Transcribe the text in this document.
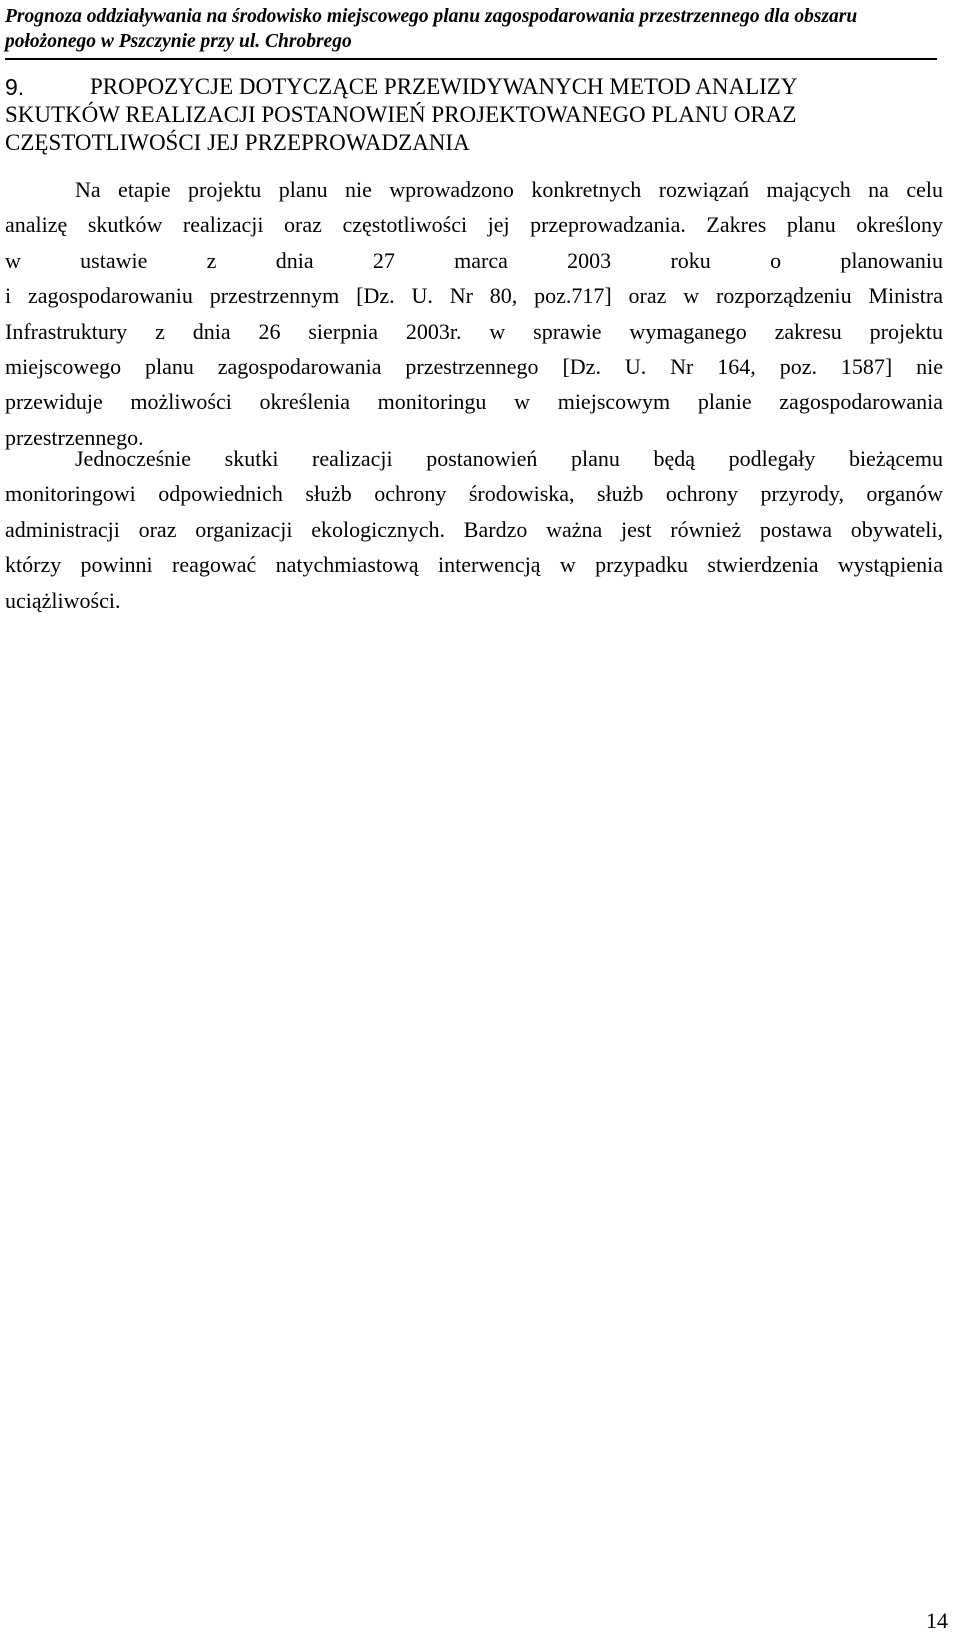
Prognoza oddziaływania na środowisko miejscowego planu zagospodarowania przestrzennego dla obszaru
położonego w Pszczynie przy ul. Chrobrego
9.	PROPOZYCJE DOTYCZĄCE PRZEWIDYWANYCH METOD ANALIZY
SKUTKÓW REALIZACJI POSTANOWIEŃ PROJEKTOWANEGO PLANU ORAZ
CZĘSTOTLIWOŚCI JEJ PRZEPROWADZANIA
Na etapie projektu planu nie wprowadzono konkretnych rozwiązań mających na celu
analizę skutków realizacji oraz częstotliwości jej przeprowadzania. Zakres planu określony
w ustawie z dnia 27 marca 2003 roku o planowaniu
i zagospodarowaniu przestrzennym [Dz. U. Nr 80, poz.717] oraz w rozporządzeniu Ministra
Infrastruktury z dnia 26 sierpnia 2003r. w sprawie wymaganego zakresu projektu
miejscowego planu zagospodarowania przestrzennego [Dz. U. Nr 164, poz. 1587] nie
przewiduje możliwości określenia monitoringu w miejscowym planie zagospodarowania
przestrzennego.
Jednocześnie skutki realizacji postanowień planu będą podlegały bieżącemu
monitoringowi odpowiednich służb ochrony środowiska, służb ochrony przyrody, organów
administracji oraz organizacji ekologicznych. Bardzo ważna jest również postawa obywateli,
którzy powinni reagować natychmiastową interwencją w przypadku stwierdzenia wystąpienia
uciążliwości.
14
